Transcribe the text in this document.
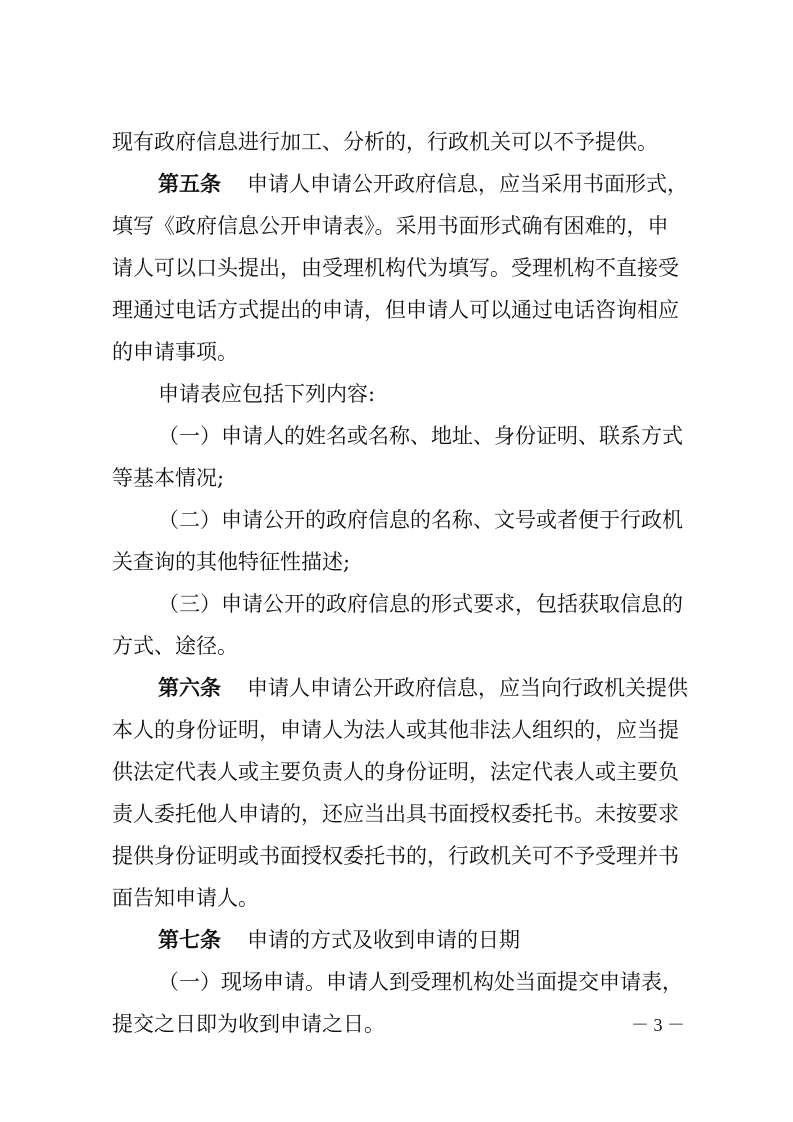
现有政府信息进行加工、分析的，行政机关可以不予提供。
第五条 申请人申请公开政府信息，应当采用书面形式，
填写《政府信息公开申请表》。采用书面形式确有困难的，申
请人可以口头提出，由受理机构代为填写。受理机构不直接受
理通过电话方式提出的申请，但申请人可以通过电话咨询相应
的申请事项。
申请表应包括下列内容:
（一）申请人的姓名或名称、地址、身份证明、联系方式
等基本情况;
（二）申请公开的政府信息的名称、文号或者便于行政机
关查询的其他特征性描述;
（三）申请公开的政府信息的形式要求，包括获取信息的
方式、途径。
第六条 申请人申请公开政府信息，应当向行政机关提供
本人的身份证明，申请人为法人或其他非法人组织的，应当提
供法定代表人或主要负责人的身份证明，法定代表人或主要负
责人委托他人申请的，还应当出具书面授权委托书。未按要求
提供身份证明或书面授权委托书的，行政机关可不予受理并书
面告知申请人。
第七条 申请的方式及收到申请的日期
（一）现场申请。申请人到受理机构处当面提交申请表，
提交之日即为收到申请之日。	－ 3 －
